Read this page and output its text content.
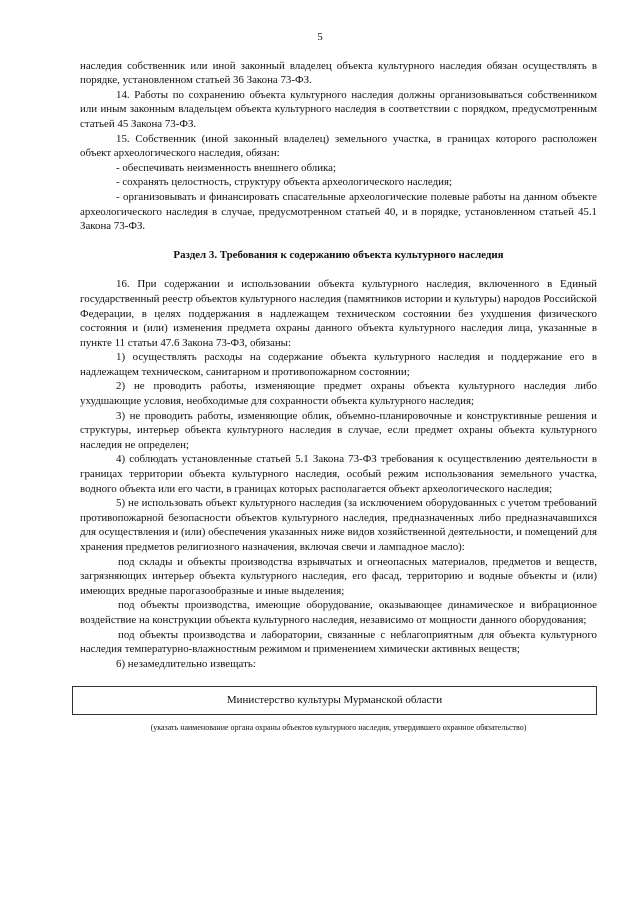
5

наследия собственник или иной законный владелец объекта культурного наследия обязан осуществлять в порядке, установленном статьей 36 Закона 73-ФЗ.

14. Работы по сохранению объекта культурного наследия должны организовываться собственником или иным законным владельцем объекта культурного наследия в соответствии с порядком, предусмотренным статьей 45 Закона 73-ФЗ.

15. Собственник (иной законный владелец) земельного участка, в границах которого расположен объект археологического наследия, обязан:

- обеспечивать неизменность внешнего облика;

- сохранять целостность, структуру объекта археологического наследия;

- организовывать и финансировать спасательные археологические полевые работы на данном объекте археологического наследия в случае, предусмотренном статьей 40, и в порядке, установленном статьей 45.1 Закона 73-ФЗ.

Раздел 3. Требования к содержанию объекта культурного наследия

16. При содержании и использовании объекта культурного наследия, включенного в Единый государственный реестр объектов культурного наследия (памятников истории и культуры) народов Российской Федерации, в целях поддержания в надлежащем техническом состоянии без ухудшения физического состояния и (или) изменения предмета охраны данного объекта культурного наследия лица, указанные в пункте 11 статьи 47.6 Закона 73-ФЗ, обязаны:

1) осуществлять расходы на содержание объекта культурного наследия и поддержание его в надлежащем техническом, санитарном и противопожарном состоянии;

2) не проводить работы, изменяющие предмет охраны объекта культурного наследия либо ухудшающие условия, необходимые для сохранности объекта культурного наследия;

3) не проводить работы, изменяющие облик, объемно-планировочные и конструктивные решения и структуры, интерьер объекта культурного наследия в случае, если предмет охраны объекта культурного наследия не определен;

4) соблюдать установленные статьей 5.1 Закона 73-ФЗ требования к осуществлению деятельности в границах территории объекта культурного наследия, особый режим использования земельного участка, водного объекта или его части, в границах которых располагается объект археологического наследия;

5) не использовать объект культурного наследия (за исключением оборудованных с учетом требований противопожарной безопасности объектов культурного наследия, предназначенных либо предназначавшихся для осуществления и (или) обеспечения указанных ниже видов хозяйственной деятельности, и помещений для хранения предметов религиозного назначения, включая свечи и лампадное масло):

под склады и объекты производства взрывчатых и огнеопасных материалов, предметов и веществ, загрязняющих интерьер объекта культурного наследия, его фасад, территорию и водные объекты и (или) имеющих вредные парогазообразные и иные выделения;

под объекты производства, имеющие оборудование, оказывающее динамическое и вибрационное воздействие на конструкции объекта культурного наследия, независимо от мощности данного оборудования;

под объекты производства и лаборатории, связанные с неблагоприятным для объекта культурного наследия температурно-влажностным режимом и применением химически активных веществ;

6) незамедлительно извещать:

Министерство культуры Мурманской области

(указать наименование органа охраны объектов культурного наследия, утвердившего охранное обязательство)
